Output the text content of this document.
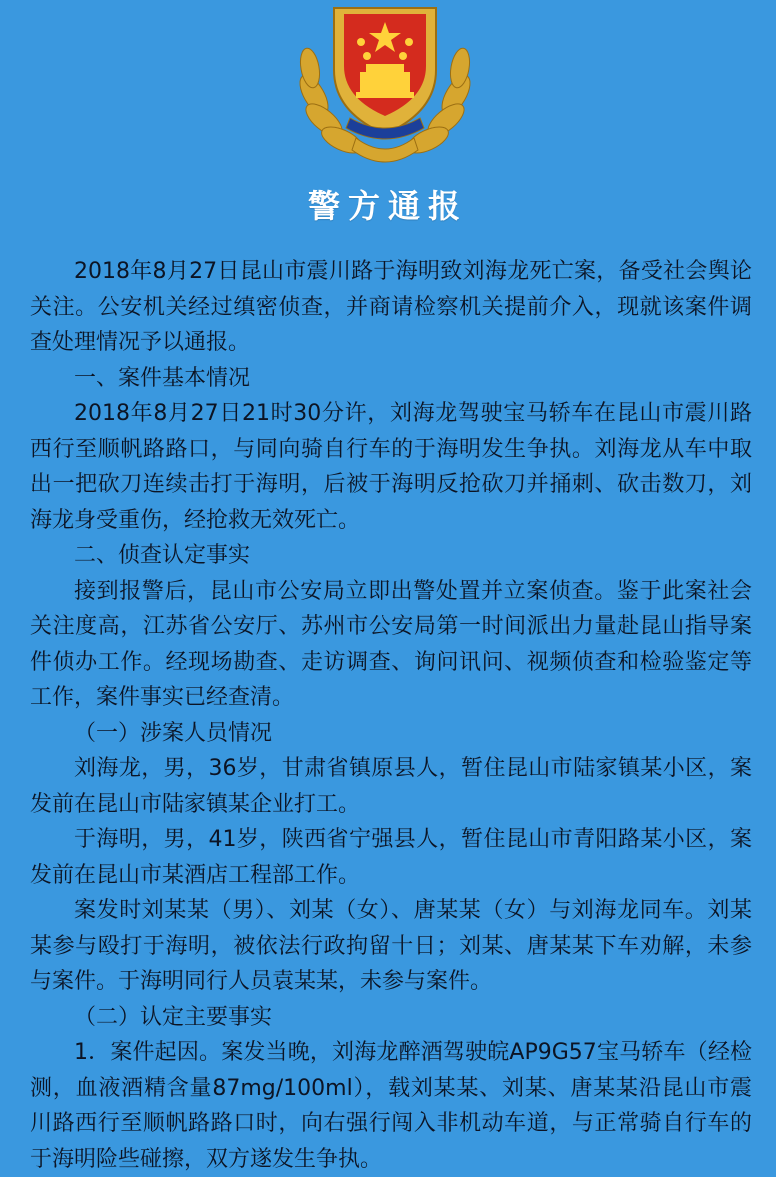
警方通报

2018年8月27日昆山市震川路于海明致刘海龙死亡案，备受社会舆论关注。公安机关经过缜密侦查，并商请检察机关提前介入，现就该案件调查处理情况予以通报。

一、案件基本情况

2018年8月27日21时30分许，刘海龙驾驶宝马轿车在昆山市震川路西行至顺帆路路口，与同向骑自行车的于海明发生争执。刘海龙从车中取出一把砍刀连续击打于海明，后被于海明反抢砍刀并捅刺、砍击数刀，刘海龙身受重伤，经抢救无效死亡。

二、侦查认定事实

接到报警后，昆山市公安局立即出警处置并立案侦查。鉴于此案社会关注度高，江苏省公安厅、苏州市公安局第一时间派出力量赴昆山指导案件侦办工作。经现场勘查、走访调查、询问讯问、视频侦查和检验鉴定等工作，案件事实已经查清。

（一）涉案人员情况

刘海龙，男，36岁，甘肃省镇原县人，暂住昆山市陆家镇某小区，案发前在昆山市陆家镇某企业打工。

于海明，男，41岁，陕西省宁强县人，暂住昆山市青阳路某小区，案发前在昆山市某酒店工程部工作。

案发时刘某某（男）、刘某（女）、唐某某（女）与刘海龙同车。刘某某参与殴打于海明，被依法行政拘留十日；刘某、唐某某下车劝解，未参与案件。于海明同行人员袁某某，未参与案件。

（二）认定主要事实

1．案件起因。案发当晚，刘海龙醉酒驾驶皖AP9G57宝马轿车（经检测，血液酒精含量87mg/100ml），载刘某某、刘某、唐某某沿昆山市震川路西行至顺帆路路口时，向右强行闯入非机动车道，与正常骑自行车的于海明险些碰擦，双方遂发生争执。
